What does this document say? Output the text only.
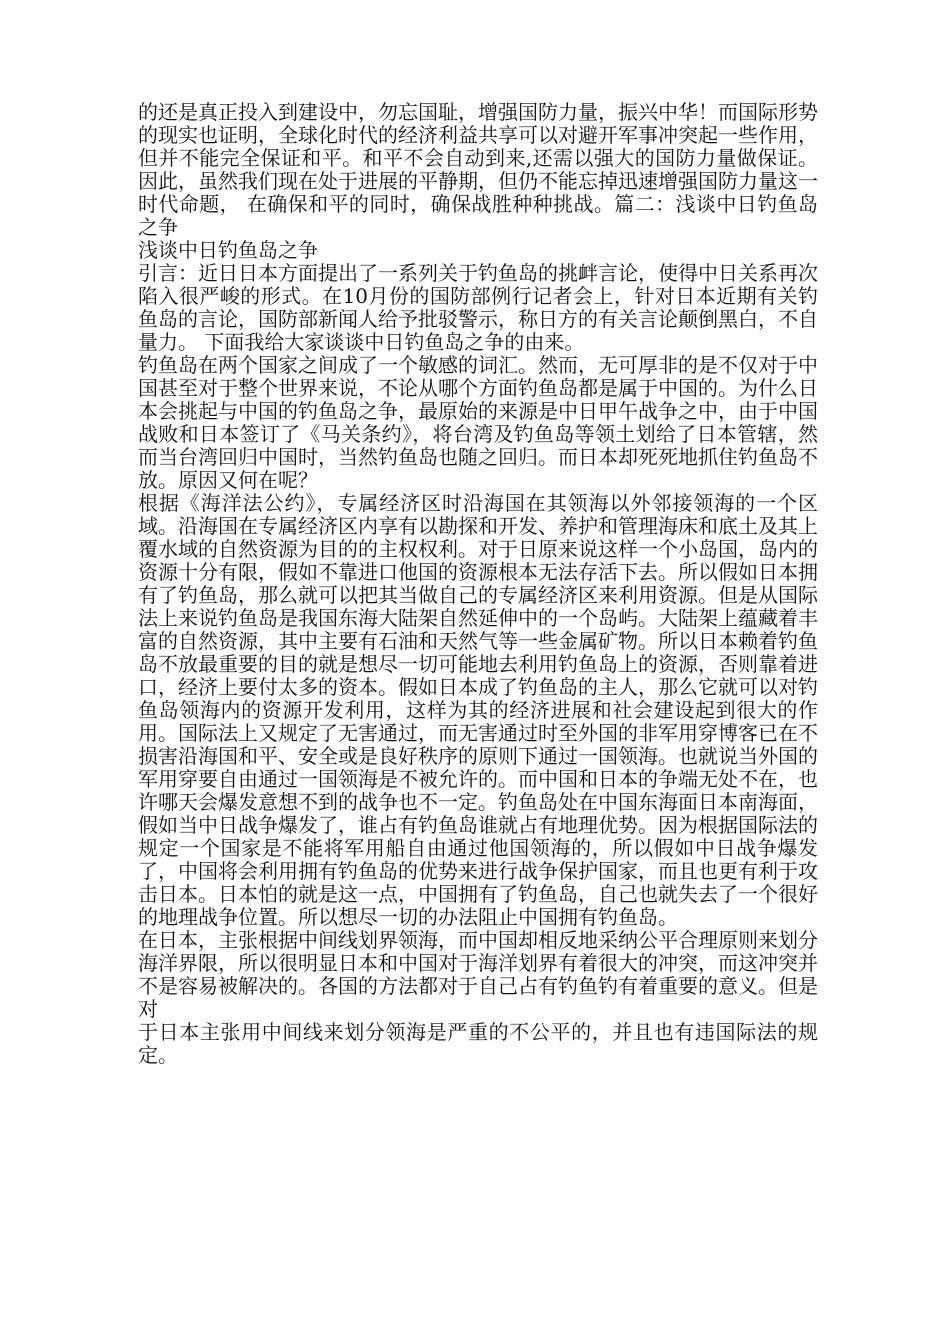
的还是真正投入到建设中，勿忘国耻，增强国防力量，振兴中华！而国际形势的现实也证明，全球化时代的经济利益共享可以对避开军事冲突起一些作用，但并不能完全保证和平。和平不会自动到来,还需以强大的国防力量做保证。因此，虽然我们现在处于进展的平静期，但仍不能忘掉迅速增强国防力量这一时代命题， 在确保和平的同时，确保战胜种种挑战。篇二：浅谈中日钓鱼岛之争

浅谈中日钓鱼岛之争

引言：近日日本方面提出了一系列关于钓鱼岛的挑衅言论，使得中日关系再次陷入很严峻的形式。在10月份的国防部例行记者会上，针对日本近期有关钓鱼岛的言论，国防部新闻人给予批驳警示，称日方的有关言论颠倒黑白，不自量力。 下面我给大家谈谈中日钓鱼岛之争的由来。

钓鱼岛在两个国家之间成了一个敏感的词汇。然而，无可厚非的是不仅对于中国甚至对于整个世界来说，不论从哪个方面钓鱼岛都是属于中国的。为什么日本会挑起与中国的钓鱼岛之争，最原始的来源是中日甲午战争之中，由于中国战败和日本签订了《马关条约》，将台湾及钓鱼岛等领土划给了日本管辖，然而当台湾回归中国时，当然钓鱼岛也随之回归。而日本却死死地抓住钓鱼岛不放。原因又何在呢？

根据《海洋法公约》，专属经济区时沿海国在其领海以外邻接领海的一个区域。沿海国在专属经济区内享有以勘探和开发、养护和管理海床和底土及其上覆水域的自然资源为目的的主权权利。对于日原来说这样一个小岛国，岛内的资源十分有限，假如不靠进口他国的资源根本无法存活下去。所以假如日本拥有了钓鱼岛，那么就可以把其当做自己的专属经济区来利用资源。但是从国际法上来说钓鱼岛是我国东海大陆架自然延伸中的一个岛屿。大陆架上蕴藏着丰富的自然资源，其中主要有石油和天然气等一些金属矿物。所以日本赖着钓鱼岛不放最重要的目的就是想尽一切可能地去利用钓鱼岛上的资源，否则靠着进口，经济上要付太多的资本。假如日本成了钓鱼岛的主人，那么它就可以对钓鱼岛领海内的资源开发利用，这样为其的经济进展和社会建设起到很大的作用。国际法上又规定了无害通过，而无害通过时至外国的非军用穿博客已在不损害沿海国和平、安全或是良好秩序的原则下通过一国领海。也就说当外国的军用穿要自由通过一国领海是不被允许的。而中国和日本的争端无处不在，也许哪天会爆发意想不到的战争也不一定。钓鱼岛处在中国东海面日本南海面，假如当中日战争爆发了，谁占有钓鱼岛谁就占有地理优势。因为根据国际法的规定一个国家是不能将军用船自由通过他国领海的，所以假如中日战争爆发了，中国将会利用拥有钓鱼岛的优势来进行战争保护国家，而且也更有利于攻击日本。日本怕的就是这一点，中国拥有了钓鱼岛，自己也就失去了一个很好的地理战争位置。所以想尽一切的办法阻止中国拥有钓鱼岛。

在日本，主张根据中间线划界领海，而中国却相反地采纳公平合理原则来划分海洋界限，所以很明显日本和中国对于海洋划界有着很大的冲突，而这冲突并不是容易被解决的。各国的方法都对于自己占有钓鱼钓有着重要的意义。但是对

于日本主张用中间线来划分领海是严重的不公平的，并且也有违国际法的规定。
